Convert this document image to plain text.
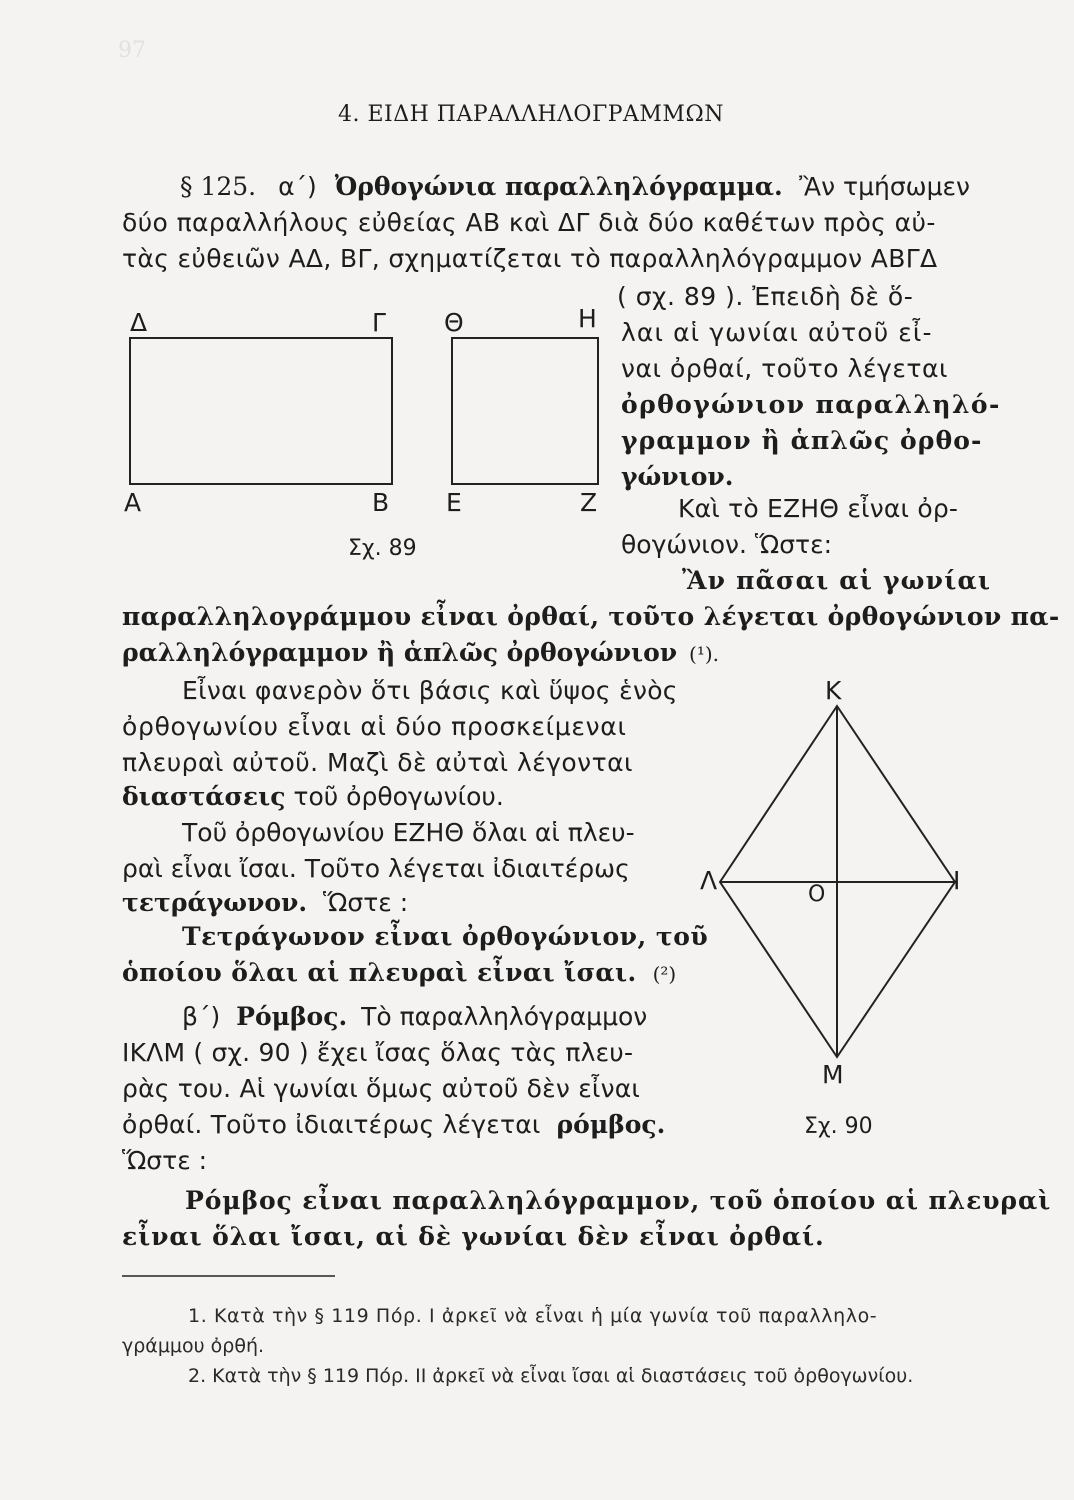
97
4. ΕΙΔΗ ΠΑΡΑΛΛΗΛΟΓΡΑΜΜΩΝ
§ 125. α΄) Ὀρθογώνια παραλληλόγραμμα. Ἂν τμήσωμεν
δύο παραλλήλους εὐθείας ΑΒ καὶ ΔΓ διὰ δύο καθέτων πρὸς αὐ-
τὰς εὐθειῶν ΑΔ, ΒΓ, σχηματίζεται τὸ παραλληλόγραμμον ΑΒΓΔ
( σχ. 89 ). Ἐπειδὴ δὲ ὅ-
λαι αἱ γωνίαι αὐτοῦ εἶ-
ναι ὀρθαί, τοῦτο λέγεται
ὀρθογώνιον παραλληλό-
γραμμον ἢ ἁπλῶς ὀρθο-
γώνιον.
Καὶ τὸ ΕΖΗΘ εἶναι ὀρ-
θογώνιον. Ὥστε:
Ἂν πᾶσαι αἱ γωνίαι
παραλληλογράμμου εἶναι ὀρθαί, τοῦτο λέγεται ὀρθογώνιον πα-
ραλληλόγραμμον ἢ ἁπλῶς ὀρθογώνιον (¹).
Εἶναι φανερὸν ὅτι βάσις καὶ ὕψος ἑνὸς
ὀρθογωνίου εἶναι αἱ δύο προσκείμεναι
πλευραὶ αὐτοῦ. Μαζὶ δὲ αὐταὶ λέγονται
διαστάσεις τοῦ ὀρθογωνίου.
Τοῦ ὀρθογωνίου ΕΖΗΘ ὅλαι αἱ πλευ-
ραὶ εἶναι ἴσαι. Τοῦτο λέγεται ἰδιαιτέρως
τετράγωνον. Ὥστε :
Τετράγωνον εἶναι ὀρθογώνιον, τοῦ
ὁποίου ὅλαι αἱ πλευραὶ εἶναι ἴσαι. (²)
β΄) Ρόμβος. Τὸ παραλληλόγραμμον
ΙΚΛΜ ( σχ. 90 ) ἔχει ἴσας ὅλας τὰς πλευ-
ρὰς του. Αἱ γωνίαι ὅμως αὐτοῦ δὲν εἶναι
ὀρθαί. Τοῦτο ἰδιαιτέρως λέγεται ρόμβος.
Ὥστε :
Ρόμβος εἶναι παραλληλόγραμμον, τοῦ ὁποίου αἱ πλευραὶ
εἶναι ὅλαι ἴσαι, αἱ δὲ γωνίαι δὲν εἶναι ὀρθαί.
Δ	Γ
Α	Β
Θ	Η
Ε	Ζ
Σχ. 89
Κ
Λ	Ο	Ι
Μ
Σχ. 90
1. Κατὰ τὴν § 119 Πόρ. Ι ἀρκεῖ νὰ εἶναι ἡ μία γωνία τοῦ παραλληλο-
γράμμου ὀρθή.
2. Κατὰ τὴν § 119 Πόρ. ΙΙ ἀρκεῖ νὰ εἶναι ἴσαι αἱ διαστάσεις τοῦ ὀρθογωνίου.
